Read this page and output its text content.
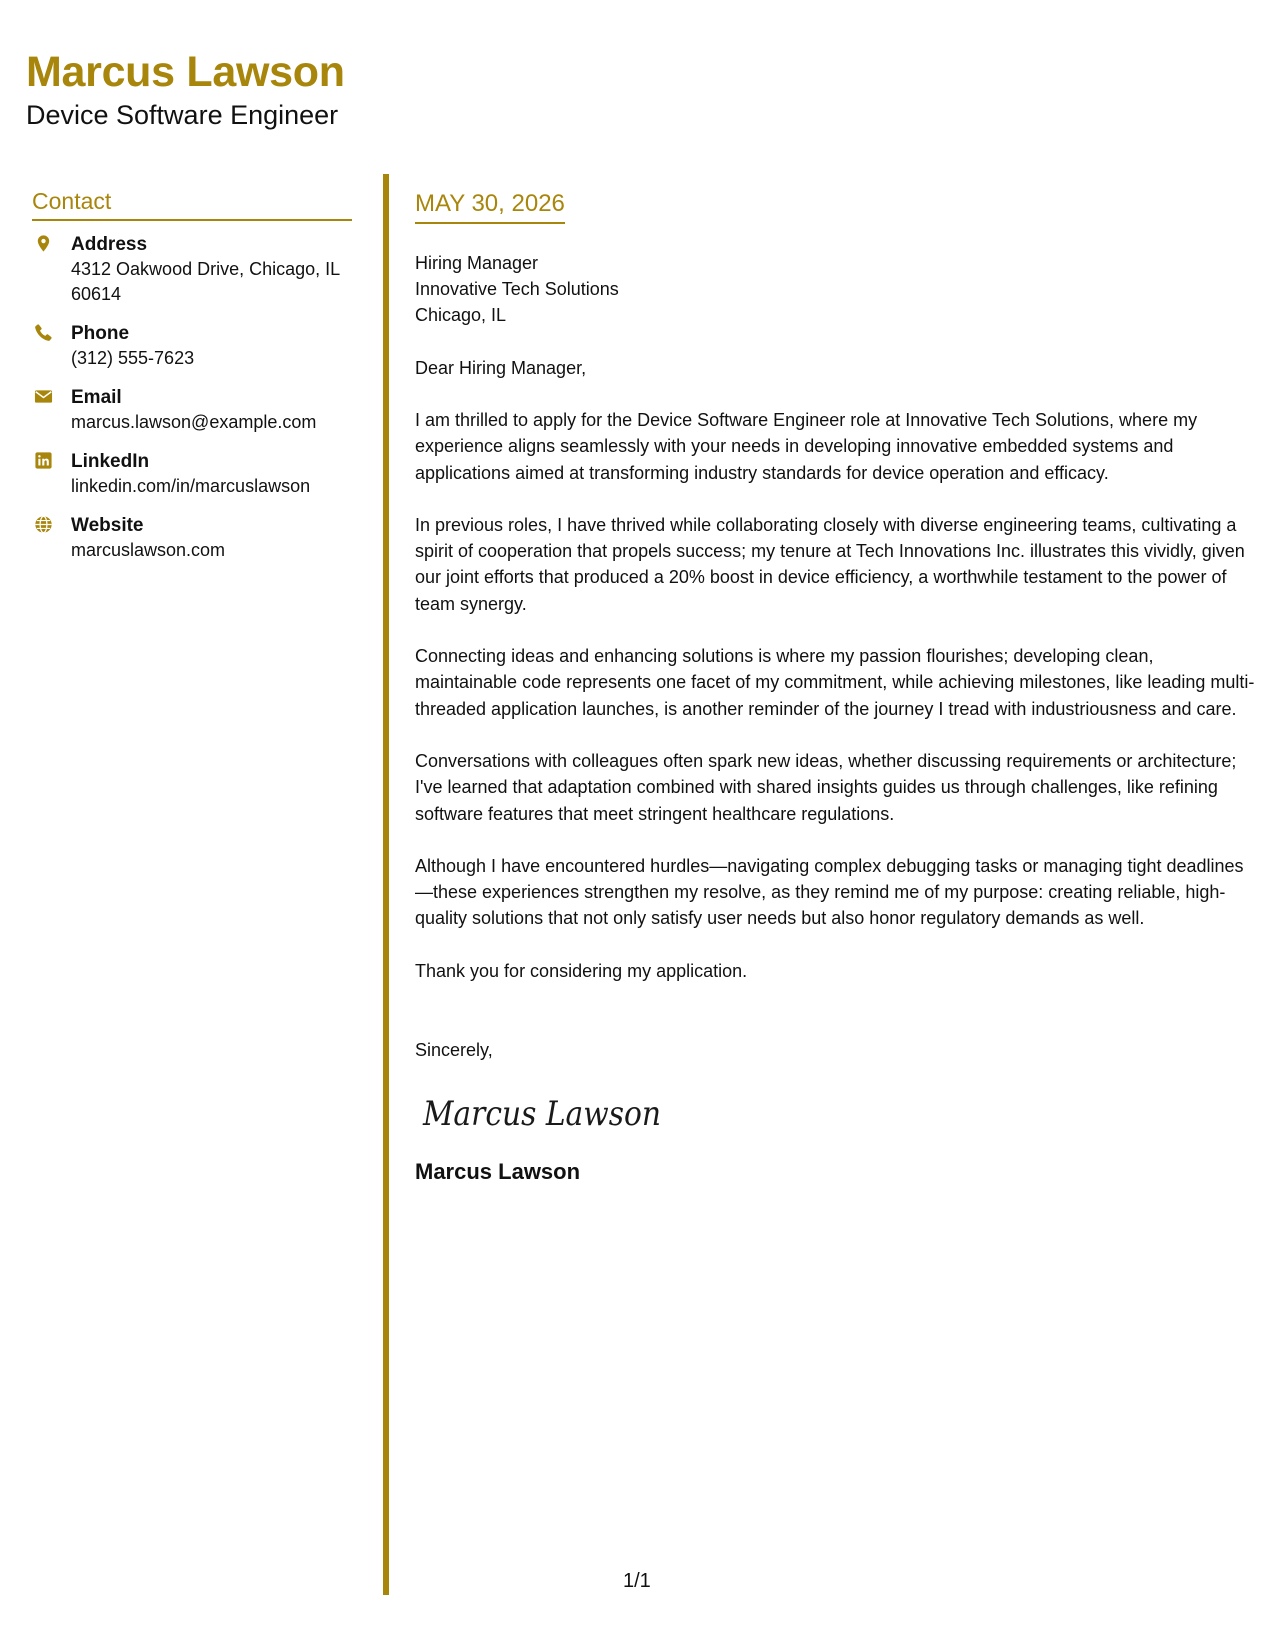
Marcus Lawson
Device Software Engineer
Contact
Address
4312 Oakwood Drive, Chicago, IL
60614
Phone
(312) 555-7623
Email
marcus.lawson@example.com
LinkedIn
linkedin.com/in/marcuslawson
Website
marcuslawson.com
MAY 30, 2026
Hiring Manager
Innovative Tech Solutions
Chicago, IL
Dear Hiring Manager,
I am thrilled to apply for the Device Software Engineer role at Innovative Tech Solutions, where my experience aligns seamlessly with your needs in developing innovative embedded systems and applications aimed at transforming industry standards for device operation and efficacy.
In previous roles, I have thrived while collaborating closely with diverse engineering teams, cultivating a spirit of cooperation that propels success; my tenure at Tech Innovations Inc. illustrates this vividly, given our joint efforts that produced a 20% boost in device efficiency, a worthwhile testament to the power of team synergy.
Connecting ideas and enhancing solutions is where my passion flourishes; developing clean, maintainable code represents one facet of my commitment, while achieving milestones, like leading multi-threaded application launches, is another reminder of the journey I tread with industriousness and care.
Conversations with colleagues often spark new ideas, whether discussing requirements or architecture; I've learned that adaptation combined with shared insights guides us through challenges, like refining software features that meet stringent healthcare regulations.
Although I have encountered hurdles—navigating complex debugging tasks or managing tight deadlines—these experiences strengthen my resolve, as they remind me of my purpose: creating reliable, high-quality solutions that not only satisfy user needs but also honor regulatory demands as well.
Thank you for considering my application.
Sincerely,
Marcus Lawson
Marcus Lawson
1/1
